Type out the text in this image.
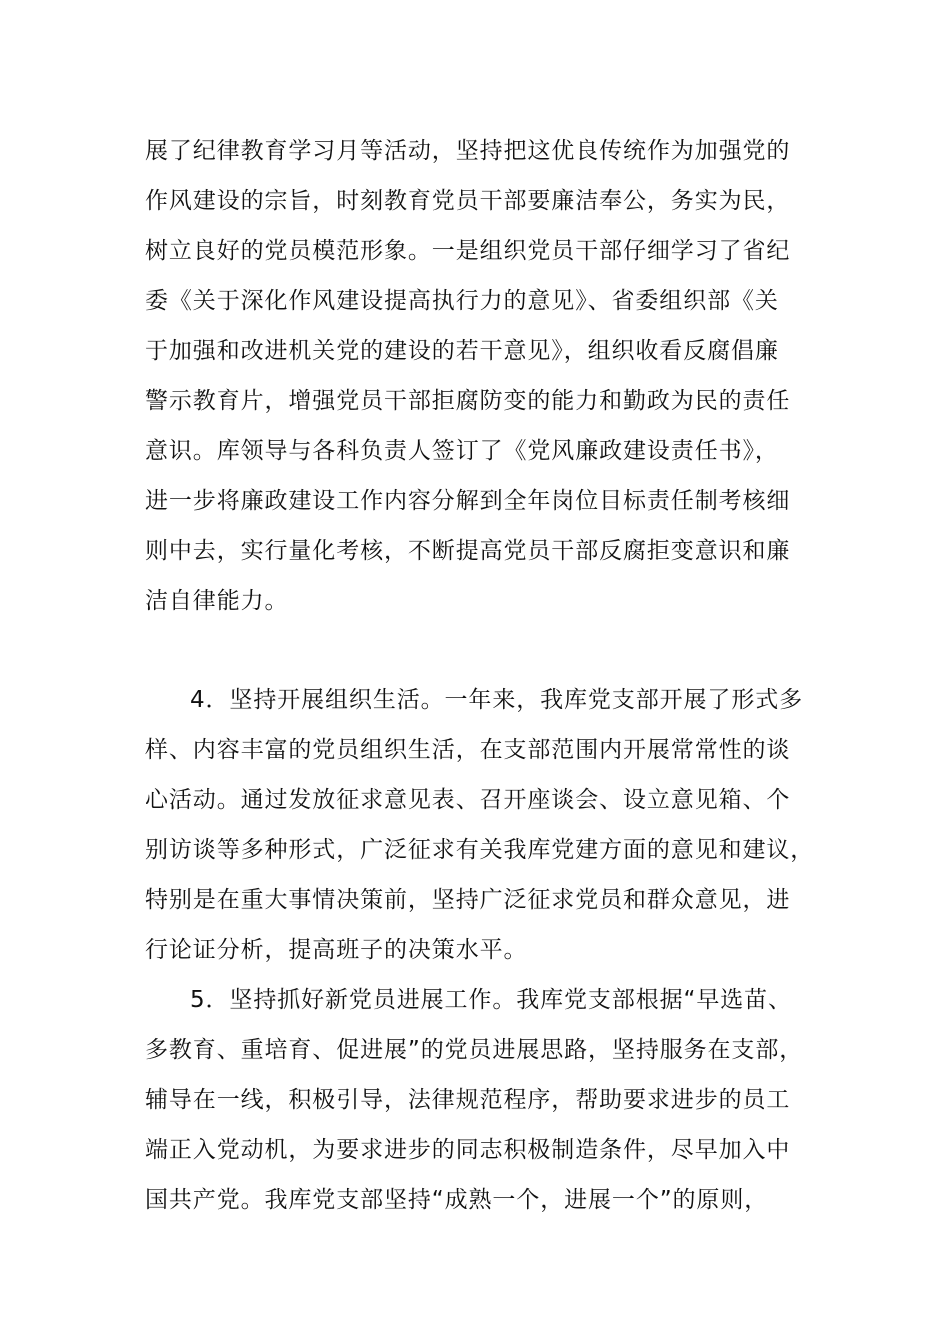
展了纪律教育学习月等活动，坚持把这优良传统作为加强党的
作风建设的宗旨，时刻教育党员干部要廉洁奉公，务实为民，
树立良好的党员模范形象。一是组织党员干部仔细学习了省纪
委《关于深化作风建设提高执行力的意见》、省委组织部《关
于加强和改进机关党的建设的若干意见》，组织收看反腐倡廉
警示教育片，增强党员干部拒腐防变的能力和勤政为民的责任
意识。库领导与各科负责人签订了《党风廉政建设责任书》，
进一步将廉政建设工作内容分解到全年岗位目标责任制考核细
则中去，实行量化考核，不断提高党员干部反腐拒变意识和廉
洁自律能力。
4．坚持开展组织生活。一年来，我库党支部开展了形式多
样、内容丰富的党员组织生活，在支部范围内开展常常性的谈
心活动。通过发放征求意见表、召开座谈会、设立意见箱、个
别访谈等多种形式，广泛征求有关我库党建方面的意见和建议，
特别是在重大事情决策前，坚持广泛征求党员和群众意见，进
行论证分析，提高班子的决策水平。
5．坚持抓好新党员进展工作。我库党支部根据“早选苗、
多教育、重培育、促进展”的党员进展思路，坚持服务在支部，
辅导在一线，积极引导，法律规范程序，帮助要求进步的员工
端正入党动机，为要求进步的同志积极制造条件，尽早加入中
国共产党。我库党支部坚持“成熟一个，进展一个”的原则，
